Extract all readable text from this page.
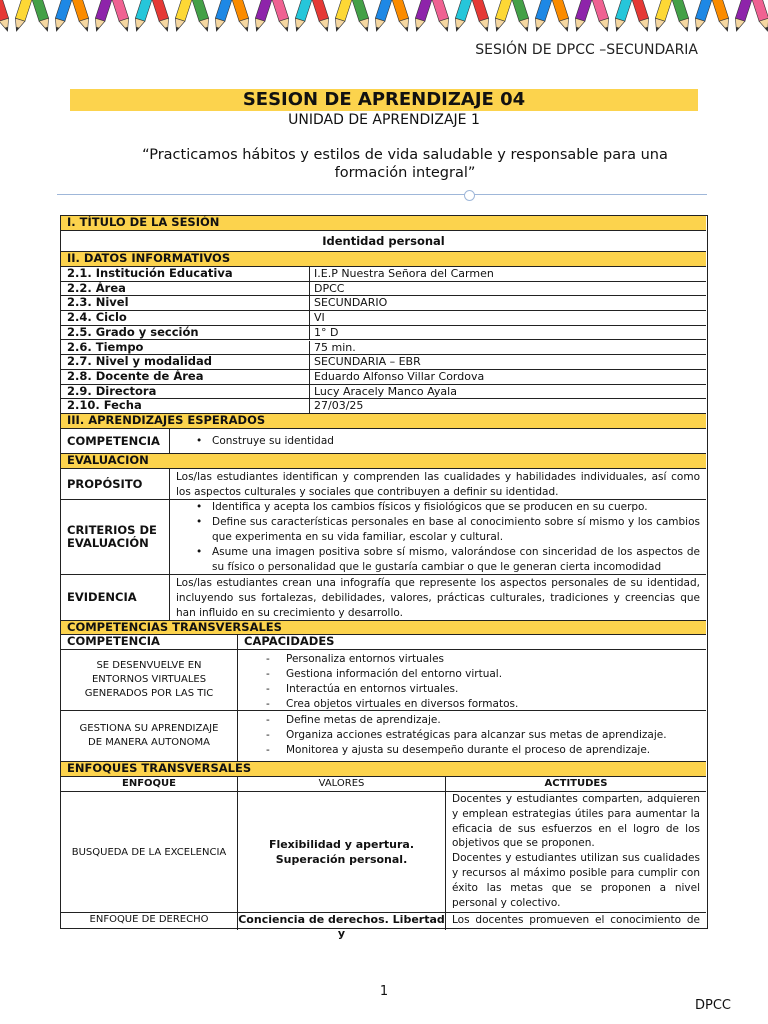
SESIÓN DE DPCC –SECUNDARIA
SESION DE APRENDIZAJE 04
UNIDAD DE APRENDIZAJE 1
“Practicamos hábitos y estilos de vida saludable y responsable para una formación integral”
I. TÍTULO DE LA SESIÓN
Identidad personal
II. DATOS INFORMATIVOS
2.1. Institución Educativa	I.E.P Nuestra Señora del Carmen
2.2. Área	DPCC
2.3. Nivel	SECUNDARIO
2.4. Ciclo	VI
2.5. Grado y sección	1° D
2.6. Tiempo	75 min.
2.7. Nivel y modalidad	SECUNDARIA – EBR
2.8. Docente de Área	Eduardo Alfonso Villar Cordova
2.9. Directora	Lucy Aracely Manco Ayala
2.10. Fecha	27/03/25
III. APRENDIZAJES ESPERADOS
COMPETENCIA
•	Construye su identidad
EVALUACION
PROPÓSITO	Los/las estudiantes identifican y comprenden las cualidades y habilidades individuales, así como los aspectos culturales y sociales que contribuyen a definir su identidad.
CRITERIOS DE EVALUACIÓN
• Identifica y acepta los cambios físicos y fisiológicos que se producen en su cuerpo.
• Define sus características personales en base al conocimiento sobre sí mismo y los cambios que experimenta en su vida familiar, escolar y cultural.
• Asume una imagen positiva sobre sí mismo, valorándose con sinceridad de los aspectos de su físico o personalidad que le gustaría cambiar o que le generan cierta incomodidad
EVIDENCIA
Los/las estudiantes crean una infografía que represente los aspectos personales de su identidad, incluyendo sus fortalezas, debilidades, valores, prácticas culturales, tradiciones y creencias que han influido en su crecimiento y desarrollo.
COMPETENCIAS TRANSVERSALES
COMPETENCIA	CAPACIDADES
SE DESENVUELVE EN ENTORNOS VIRTUALES GENERADOS POR LAS TIC
- Personaliza entornos virtuales
- Gestiona información del entorno virtual.
- Interactúa en entornos virtuales.
- Crea objetos virtuales en diversos formatos.
GESTIONA SU APRENDIZAJE DE MANERA AUTONOMA
- Define metas de aprendizaje.
- Organiza acciones estratégicas para alcanzar sus metas de aprendizaje.
- Monitorea y ajusta su desempeño durante el proceso de aprendizaje.
ENFOQUES TRANSVERSALES
ENFOQUE	VALORES	ACTITUDES
BUSQUEDA DE LA EXCELENCIA
Flexibilidad y apertura.
Superación personal.
Docentes y estudiantes comparten, adquieren y emplean estrategias útiles para aumentar la eficacia de sus esfuerzos en el logro de los objetivos que se proponen.
Docentes y estudiantes utilizan sus cualidades y recursos al máximo posible para cumplir con éxito las metas que se proponen a nivel personal y colectivo.
ENFOQUE DE DERECHO	Conciencia de derechos. Libertad y
Los docentes promueven el conocimiento de
1
DPCC
